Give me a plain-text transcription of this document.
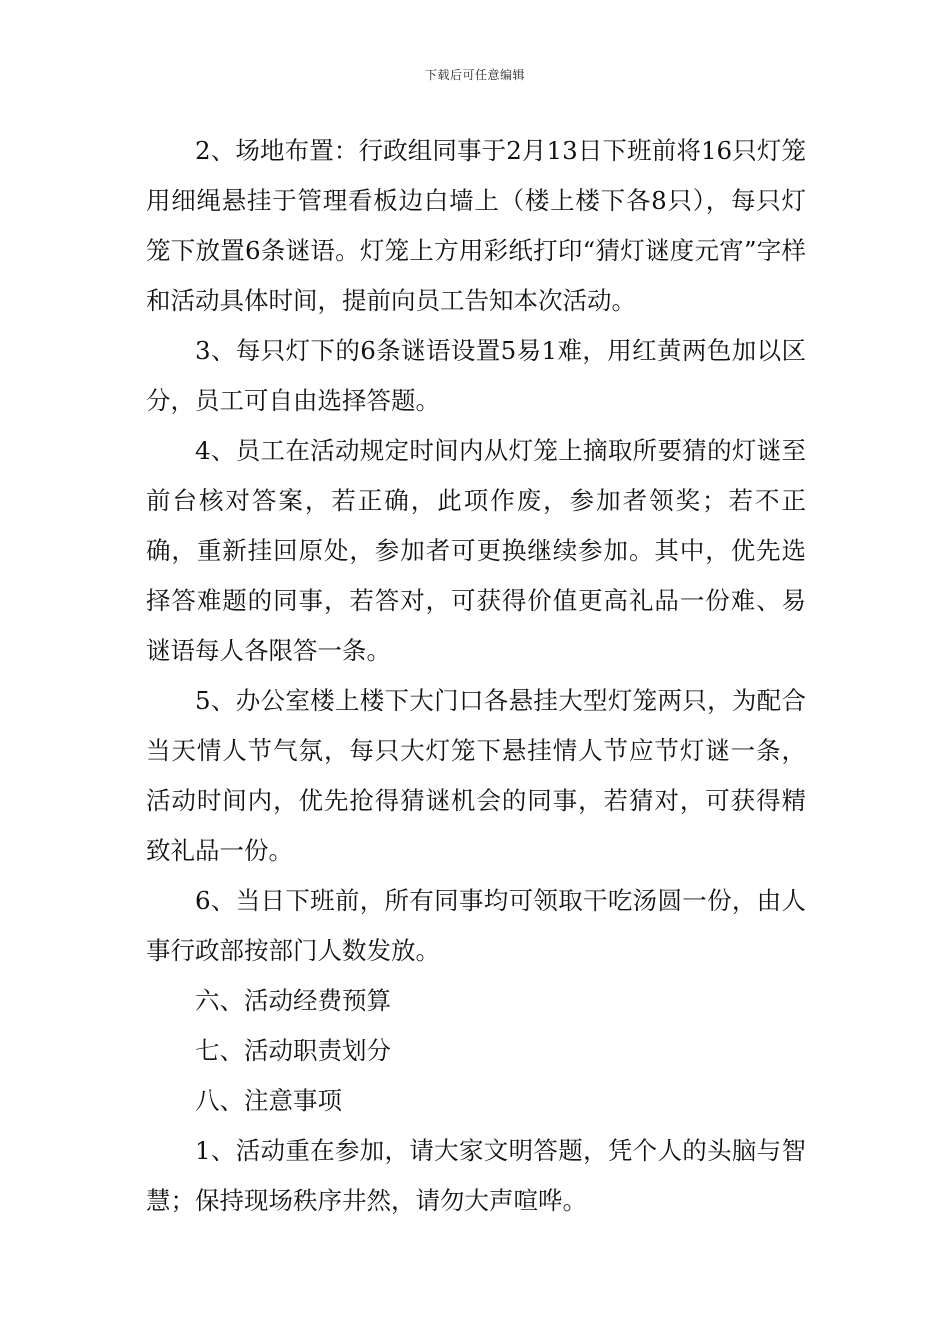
下载后可任意编辑

2、场地布置：行政组同事于2月13日下班前将16只灯笼用细绳悬挂于管理看板边白墙上（楼上楼下各8只），每只灯笼下放置6条谜语。灯笼上方用彩纸打印“猜灯谜度元宵”字样和活动具体时间，提前向员工告知本次活动。

3、每只灯下的6条谜语设置5易1难，用红黄两色加以区分，员工可自由选择答题。

4、员工在活动规定时间内从灯笼上摘取所要猜的灯谜至前台核对答案，若正确，此项作废，参加者领奖；若不正确，重新挂回原处，参加者可更换继续参加。其中，优先选择答难题的同事，若答对，可获得价值更高礼品一份难、易谜语每人各限答一条。

5、办公室楼上楼下大门口各悬挂大型灯笼两只，为配合当天情人节气氛，每只大灯笼下悬挂情人节应节灯谜一条，活动时间内，优先抢得猜谜机会的同事，若猜对，可获得精致礼品一份。

6、当日下班前，所有同事均可领取干吃汤圆一份，由人事行政部按部门人数发放。

六、活动经费预算

七、活动职责划分

八、注意事项

1、活动重在参加，请大家文明答题，凭个人的头脑与智慧；保持现场秩序井然，请勿大声喧哗。
